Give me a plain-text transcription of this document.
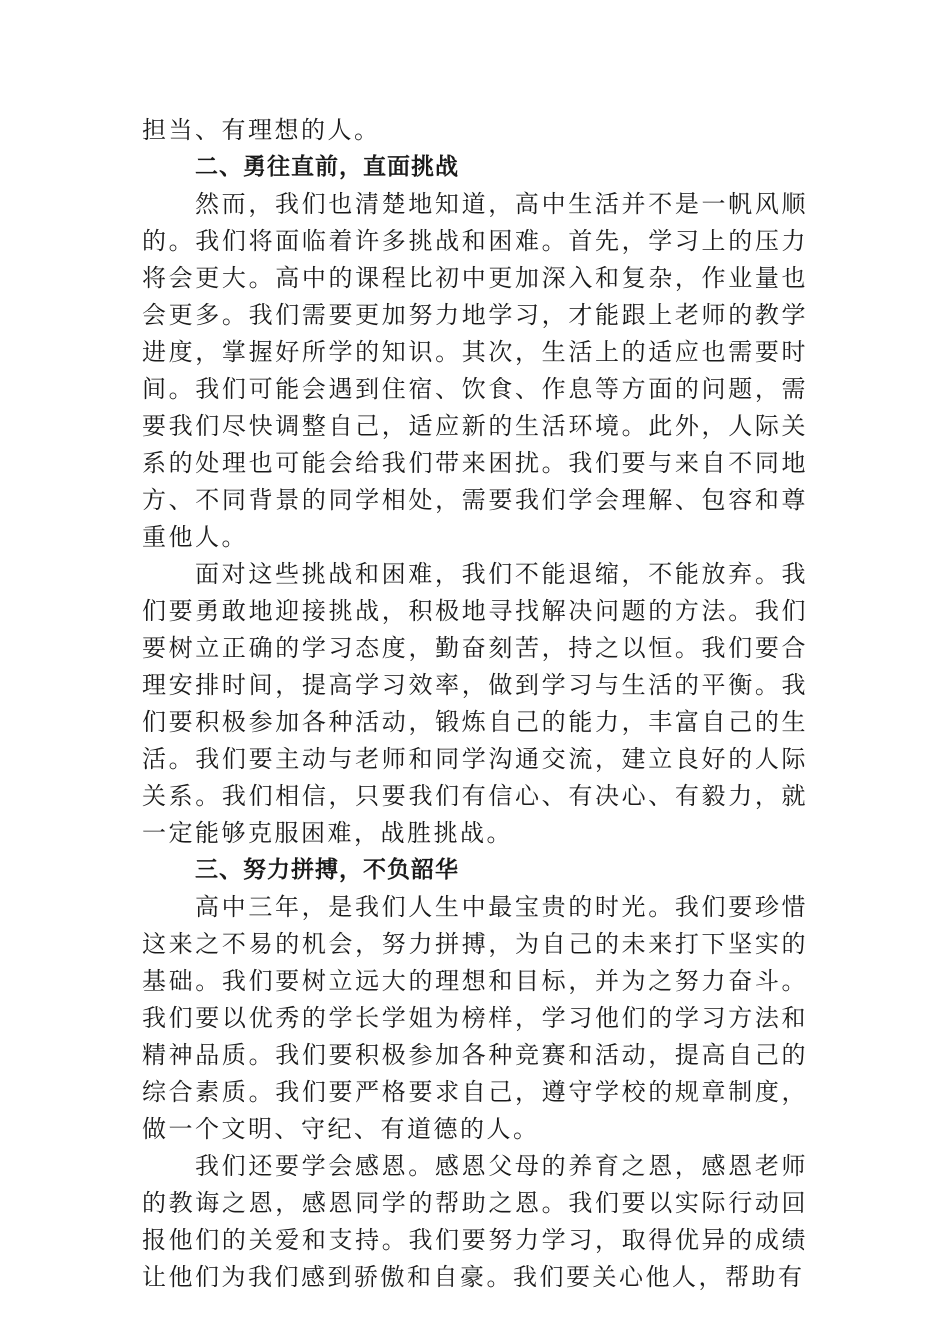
担当、有理想的人。

二、勇往直前，直面挑战

然而，我们也清楚地知道，高中生活并不是一帆风顺的。我们将面临着许多挑战和困难。首先，学习上的压力将会更大。高中的课程比初中更加深入和复杂，作业量也会更多。我们需要更加努力地学习，才能跟上老师的教学进度，掌握好所学的知识。其次，生活上的适应也需要时间。我们可能会遇到住宿、饮食、作息等方面的问题，需要我们尽快调整自己，适应新的生活环境。此外，人际关系的处理也可能会给我们带来困扰。我们要与来自不同地方、不同背景的同学相处，需要我们学会理解、包容和尊重他人。

面对这些挑战和困难，我们不能退缩，不能放弃。我们要勇敢地迎接挑战，积极地寻找解决问题的方法。我们要树立正确的学习态度，勤奋刻苦，持之以恒。我们要合理安排时间，提高学习效率，做到学习与生活的平衡。我们要积极参加各种活动，锻炼自己的能力，丰富自己的生活。我们要主动与老师和同学沟通交流，建立良好的人际关系。我们相信，只要我们有信心、有决心、有毅力，就一定能够克服困难，战胜挑战。

三、努力拼搏，不负韶华

高中三年，是我们人生中最宝贵的时光。我们要珍惜这来之不易的机会，努力拼搏，为自己的未来打下坚实的基础。我们要树立远大的理想和目标，并为之努力奋斗。我们要以优秀的学长学姐为榜样，学习他们的学习方法和精神品质。我们要积极参加各种竞赛和活动，提高自己的综合素质。我们要严格要求自己，遵守学校的规章制度，做一个文明、守纪、有道德的人。

我们还要学会感恩。感恩父母的养育之恩，感恩老师的教诲之恩，感恩同学的帮助之恩。我们要以实际行动回报他们的关爱和支持。我们要努力学习，取得优异的成绩让他们为我们感到骄傲和自豪。我们要关心他人，帮助有
